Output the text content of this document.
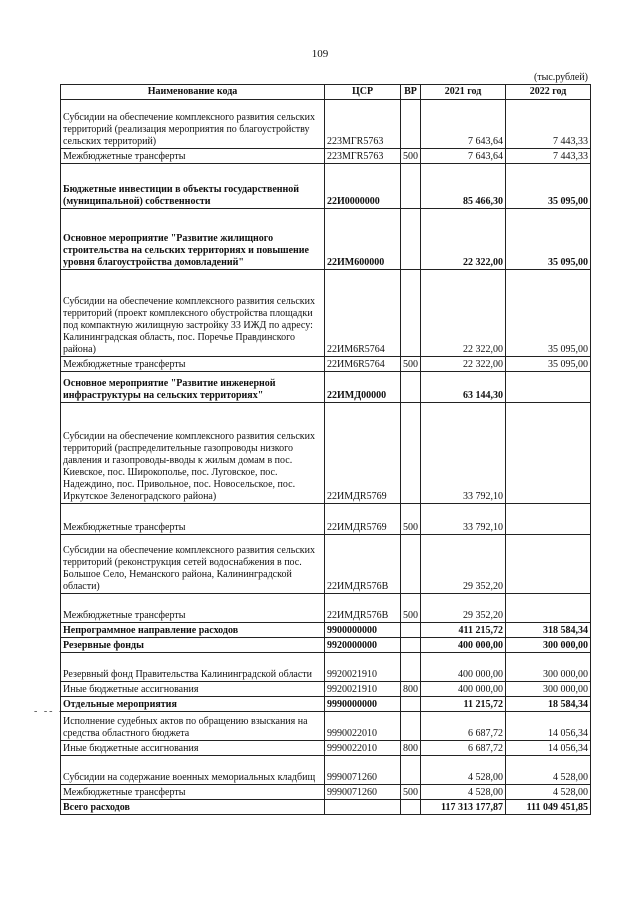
109
(тыс.рублей)
- -- -
Наименование кода	ЦСР	ВР	2021 год	2022 год
Субсидии на обеспечение комплексного развития сельских территорий (реализация мероприятия по благоустройству сельских территорий)	223МГR5763		7 643,64	7 443,33
Межбюджетные трансферты	223МГR5763	500	7 643,64	7 443,33
Бюджетные инвестиции в объекты государственной (муниципальной) собственности	22И0000000		85 466,30	35 095,00
Основное мероприятие "Развитие жилищного строительства на сельских территориях и повышение уровня благоустройства домовладений"	22ИМ600000		22 322,00	35 095,00
Субсидии на обеспечение комплексного развития сельских территорий (проект комплексного обустройства площадки под компактную жилищную застройку 33 ИЖД по адресу: Калининградская область, пос. Поречье Правдинского района)	22ИМ6R5764		22 322,00	35 095,00
Межбюджетные трансферты	22ИМ6R5764	500	22 322,00	35 095,00
Основное мероприятие "Развитие инженерной инфраструктуры на сельских территориях"	22ИМД00000		63 144,30	
Субсидии на обеспечение комплексного развития сельских территорий (распределительные газопроводы низкого давления и газопроводы-вводы к жилым домам в пос. Киевское, пос. Широкополье, пос. Луговское, пос. Надеждино, пос. Привольное, пос. Новосельское, пос. Иркутское Зеленоградского района)	22ИМДR5769		33 792,10	
Межбюджетные трансферты	22ИМДR5769	500	33 792,10	
Субсидии на обеспечение комплексного развития сельских территорий (реконструкция сетей водоснабжения в пос. Большое Село, Неманского района, Калининградской области)	22ИМДR576В		29 352,20	
Межбюджетные трансферты	22ИМДR576В	500	29 352,20	
Непрограммное направление расходов	9900000000		411 215,72	318 584,34
Резервные фонды	9920000000		400 000,00	300 000,00
Резервный фонд Правительства Калининградской области	9920021910		400 000,00	300 000,00
Иные бюджетные ассигнования	9920021910	800	400 000,00	300 000,00
Отдельные мероприятия	9990000000		11 215,72	18 584,34
Исполнение судебных актов по обращению взыскания на средства областного бюджета	9990022010		6 687,72	14 056,34
Иные бюджетные ассигнования	9990022010	800	6 687,72	14 056,34
Субсидии на содержание военных мемориальных кладбищ	9990071260		4 528,00	4 528,00
Межбюджетные трансферты	9990071260	500	4 528,00	4 528,00
Всего расходов			117 313 177,87	111 049 451,85
